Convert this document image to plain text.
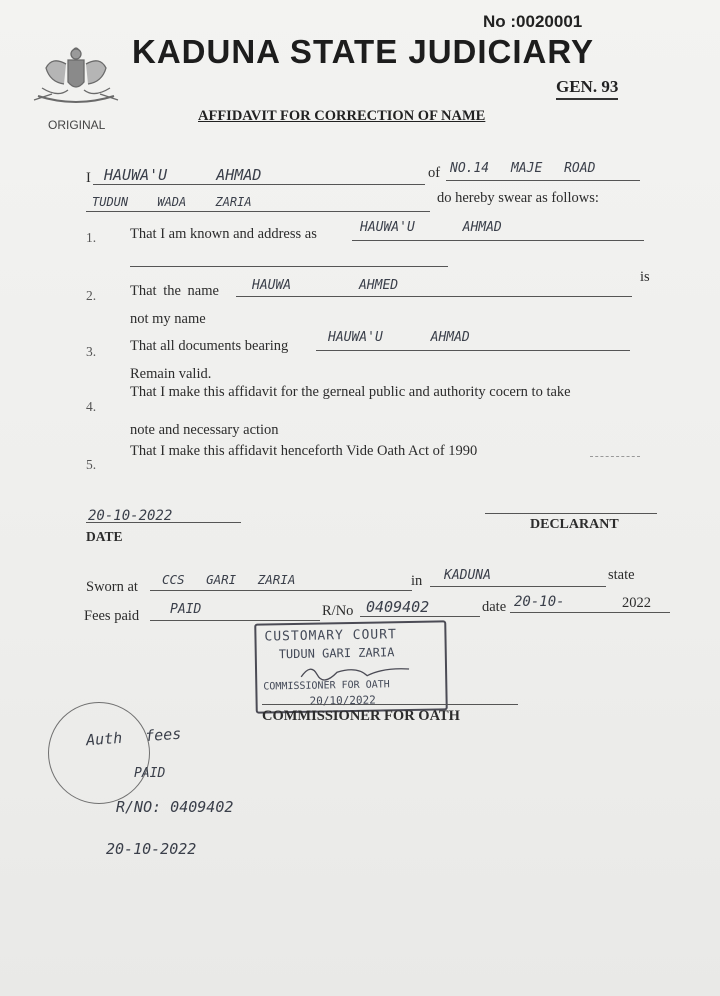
No :0020001
KADUNA STATE JUDICIARY
GEN. 93
ORIGINAL
AFFIDAVIT FOR CORRECTION OF NAME
I HAUWA'U AHMAD	of NO.14 MAJE ROAD
TUDUN WADA ZARIA	do hereby swear as follows:
1. That I am known and address as	HAUWA'U AHMAD
2. That the name	HAUWA AHMED
is
not my name
3. That all documents bearing
HAUWA'U AHMAD
Remain valid.
4.
That I make this affidavit for the gerneal public and authority cocern to take
note and necessary action
5.
That I make this affidavit henceforth Vide Oath Act of 1990
20-10-2022
DATE
DECLARANT
Sworn at CCS GARI ZARIA	in KADUNA	state
Fees paid PAID	R/No 0409402	date 20-10-	2022
CUSTOMARY COURT
TUDUN GARI ZARIA
COMMISSIONER FOR OATH
20/10/2022
COMMISSIONER FOR OATH
Auth fees
PAID
R/NO: 0409402
20-10-2022
